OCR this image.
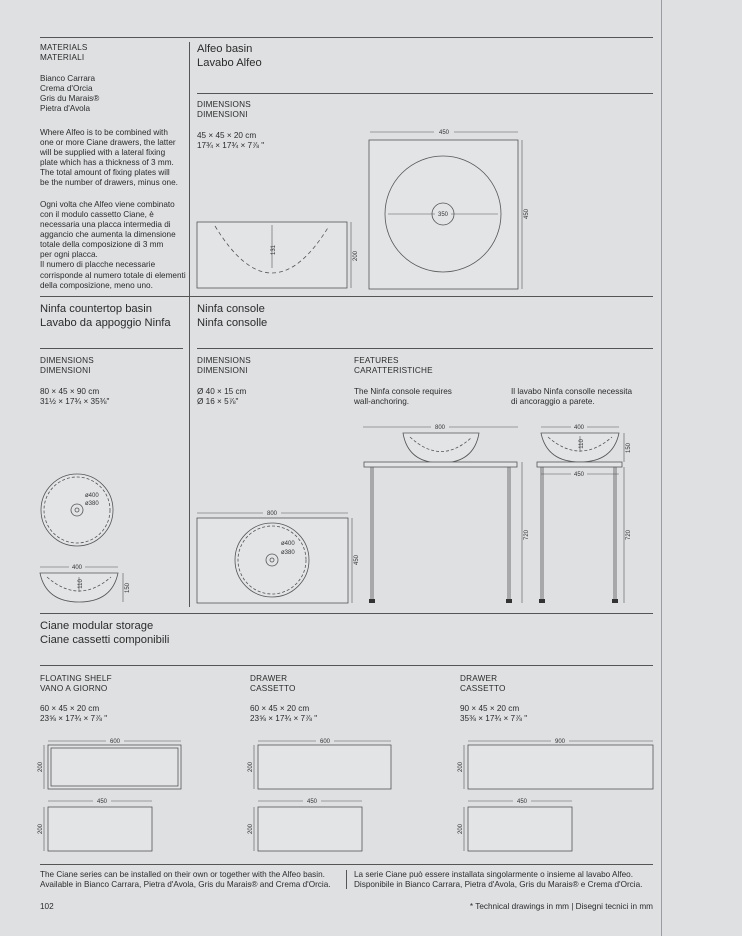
MATERIALS
MATERIALI
Bianco Carrara
Crema d'Orcia
Gris du Marais®
Pietra d'Avola
Where Alfeo is to be combined with
one or more Ciane drawers, the latter
will be supplied with a lateral fixing
plate which has a thickness of 3 mm.
The total amount of fixing plates will
be the number of drawers, minus one.
Ogni volta che Alfeo viene combinato
con il modulo cassetto Ciane, è
necessaria una placca intermedia di
aggancio che aumenta la dimensione
totale della composizione di 3 mm
per ogni placca.
Il numero di placche necessarie
corrisponde al numero totale di elementi
della composizione, meno uno.
Alfeo basin
Lavabo Alfeo
DIMENSIONS
DIMENSIONI
45 × 45 × 20 cm
17¾ × 17¾ × 7⅞ "
Ninfa countertop basin
Lavabo da appoggio Ninfa
DIMENSIONS
DIMENSIONI
80 × 45 × 90 cm
31½ × 17¾ × 35⅜"
Ninfa console
Ninfa consolle
DIMENSIONS
DIMENSIONI
Ø 40 × 15 cm
Ø 16 × 5⅞"
FEATURES
CARATTERISTICHE
The Ninfa console requires
wall-anchoring.
Il lavabo Ninfa consolle necessita
di ancoraggio a parete.
Ciane modular storage
Ciane cassetti componibili
FLOATING SHELF
VANO A GIORNO
60 × 45 × 20 cm
23⅝ × 17¾ × 7⅞ "
DRAWER
CASSETTO
60 × 45 × 20 cm
23⅝ × 17¾ × 7⅞ "
DRAWER
CASSETTO
90 × 45 × 20 cm
35⅜ × 17¾ × 7⅞ "
The Ciane series can be installed on their own or together with the Alfeo basin.
Available in Bianco Carrara, Pietra d'Avola, Gris du Marais® and Crema d'Orcia.
La serie Ciane può essere installata singolarmente o insieme al lavabo Alfeo.
Disponibile in Bianco Carrara, Pietra d'Avola, Gris du Marais® e Crema d'Orcia.
102	* Technical drawings in mm | Disegni tecnici in mm
131
200
450
350	450
ø400
ø380
400
110	150
800
ø400
ø380
450
800
720
400
110	150
450
720
600
200
450
200
600
200
450
200
900
200
450
200
